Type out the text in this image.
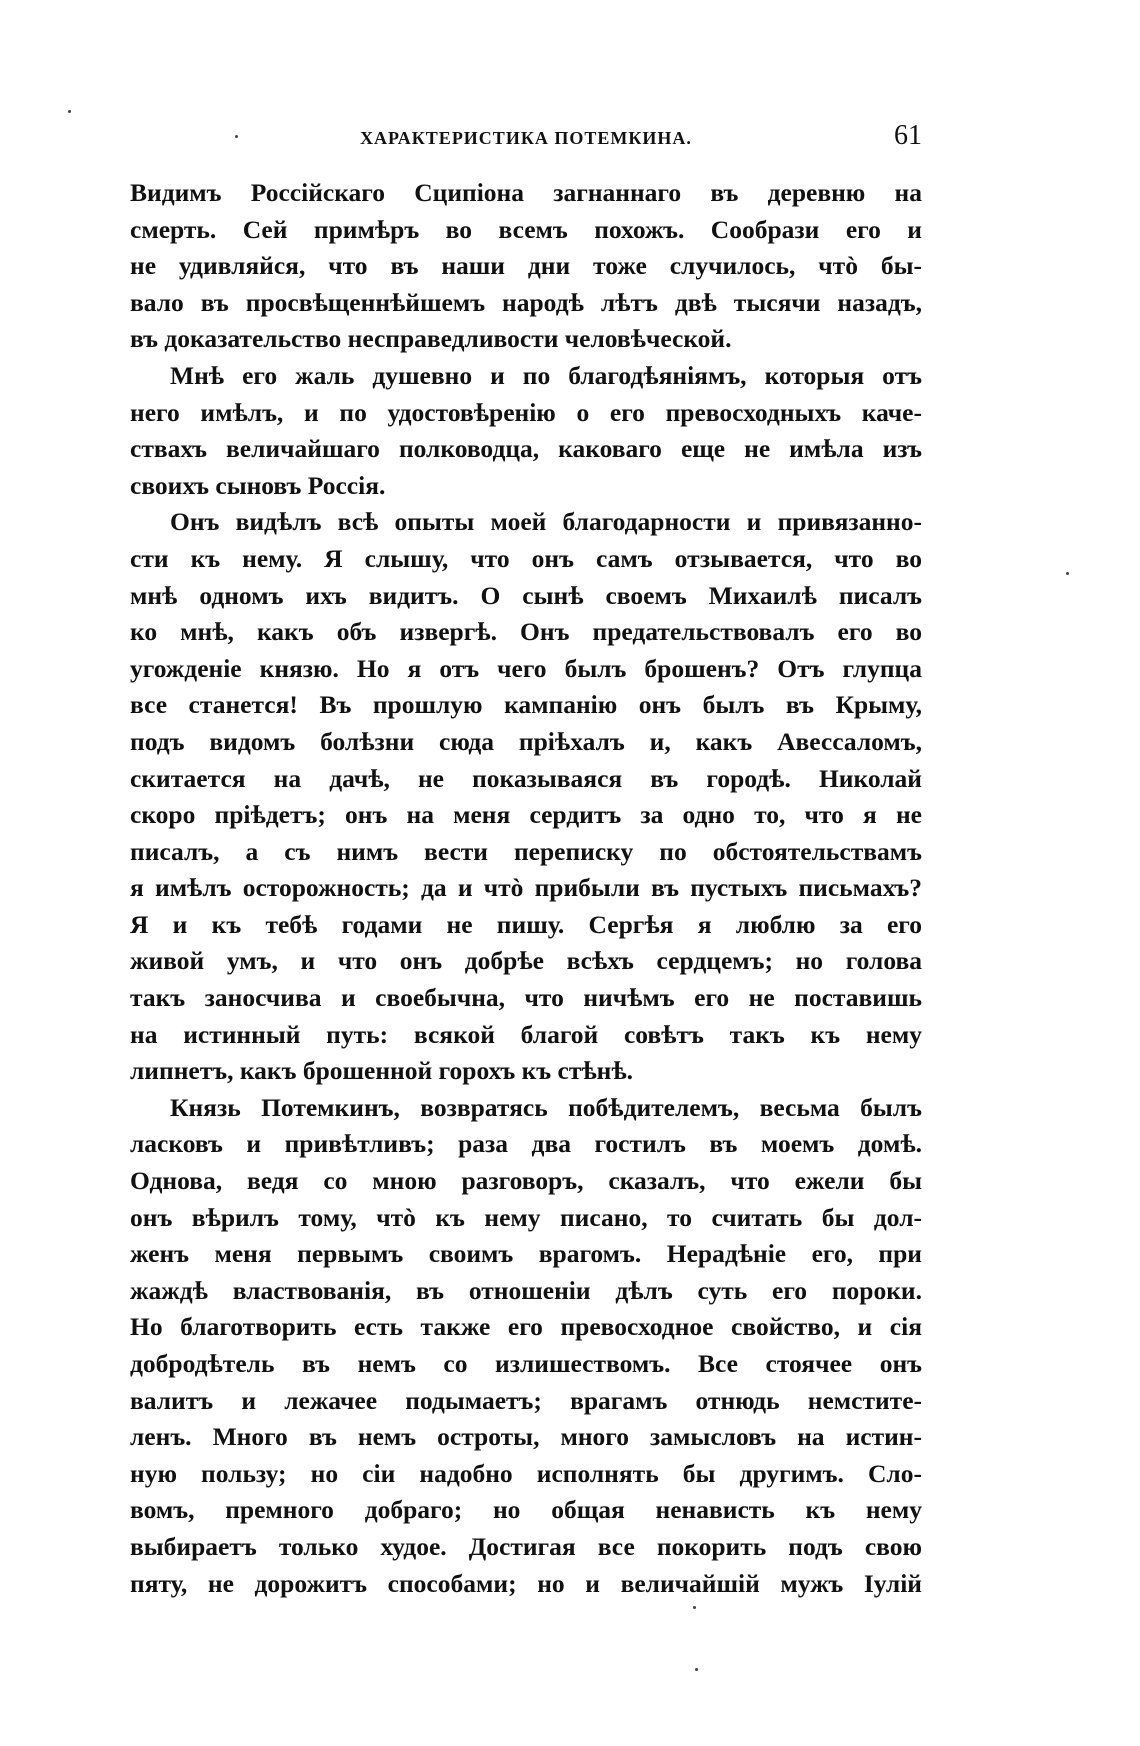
ХАРАКТЕРИСТИКА ПОТЕМКИНА.	61
Видимъ Россійскаго Сципіона загнаннаго въ деревню на
смерть. Сей примѣръ во всемъ похожъ. Сообрази его и
не удивляйся, что въ наши дни тоже случилось, чтò бы-
вало въ просвѣщеннѣйшемъ народѣ лѣтъ двѣ тысячи назадъ,
въ доказательство несправедливости человѣческой.
Мнѣ его жаль душевно и по благодѣяніямъ, которыя отъ
него имѣлъ, и по удостовѣренію о его превосходныхъ каче-
ствахъ величайшаго полководца, каковаго еще не имѣла изъ
своихъ сыновъ Россія.
Онъ видѣлъ всѣ опыты моей благодарности и привязанно-
сти къ нему. Я слышу, что онъ самъ отзывается, что во
мнѣ одномъ ихъ видитъ. О сынѣ своемъ Михаилѣ писалъ
ко мнѣ, какъ объ извергѣ. Онъ предательствовалъ его во
угожденіе князю. Но я отъ чего былъ брошенъ? Отъ глупца
все станется! Въ прошлую кампанію онъ былъ въ Крыму,
подъ видомъ болѣзни сюда пріѣхалъ и, какъ Авессаломъ,
скитается на дачѣ, не показываяся въ городѣ. Николай
скоро пріѣдетъ; онъ на меня сердитъ за одно то, что я не
писалъ, а съ нимъ вести переписку по обстоятельствамъ
я имѣлъ осторожность; да и чтò прибыли въ пустыхъ письмахъ?
Я и къ тебѣ годами не пишу. Сергѣя я люблю за его
живой умъ, и что онъ добрѣе всѣхъ сердцемъ; но голова
такъ заносчива и своебычна, что ничѣмъ его не поставишь
на истинный путь: всякой благой совѣтъ такъ къ нему
липнетъ, какъ брошенной горохъ къ стѣнѣ.
Князь Потемкинъ, возвратясь побѣдителемъ, весьма былъ
ласковъ и привѣтливъ; раза два гостилъ въ моемъ домѣ.
Однова, ведя со мною разговоръ, сказалъ, что ежели бы
онъ вѣрилъ тому, чтò къ нему писано, то считать бы дол-
женъ меня первымъ своимъ врагомъ. Нерадѣніе его, при
жаждѣ властвованія, въ отношеніи дѣлъ суть его пороки.
Но благотворить есть также его превосходное свойство, и сія
добродѣтель въ немъ со излишествомъ. Все стоячее онъ
валитъ и лежачее подымаетъ; врагамъ отнюдь немстите-
ленъ. Много въ немъ остроты, много замысловъ на истин-
ную пользу; но сіи надобно исполнять бы другимъ. Сло-
вомъ, премного добраго; но общая ненависть къ нему
выбираетъ только худое. Достигая все покорить подъ свою
пяту, не дорожитъ способами; но и величайшій мужъ Іулій
